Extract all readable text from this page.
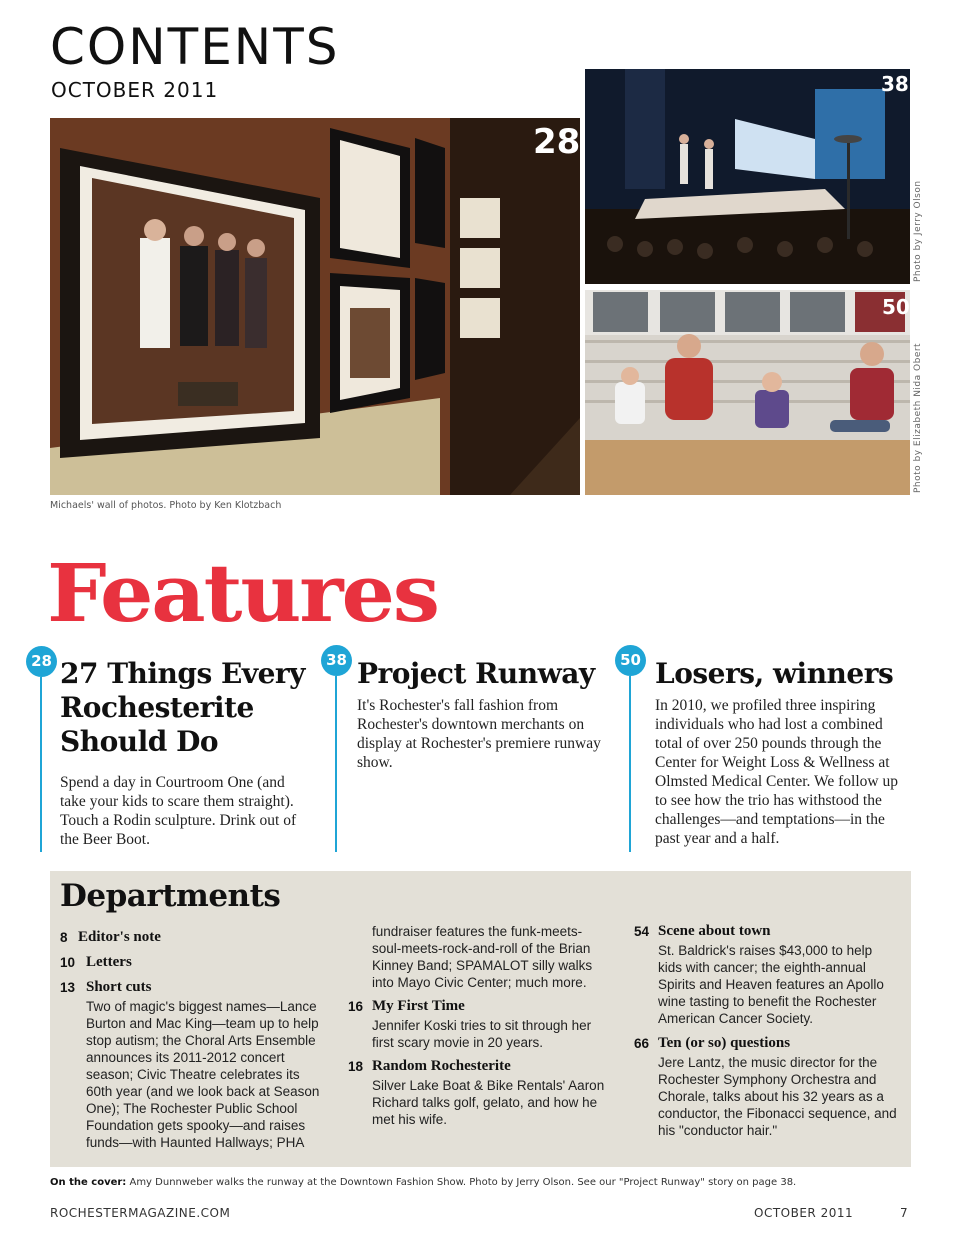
CONTENTS
OCTOBER 2011
28
Michaels' wall of photos. Photo by Ken Klotzbach
38
Photo by Jerry Olson
50
Photo by Elizabeth Nida Obert
Features
28 27 Things Every
Rochesterite
Should Do
Spend a day in Courtroom One (and
take your kids to scare them straight).
Touch a Rodin sculpture. Drink out of
the Beer Boot.
38 Project Runway
It's Rochester's fall fashion from
Rochester's downtown merchants on
display at Rochester's premiere runway
show.
50 Losers, winners
In 2010, we profiled three inspiring
individuals who had lost a combined
total of over 250 pounds through the
Center for Weight Loss & Wellness at
Olmsted Medical Center. We follow up
to see how the trio has withstood the
challenges—and temptations—in the
past year and a half.
Departments
8 Editor's note
10 Letters
13 Short cuts
Two of magic's biggest names—Lance
Burton and Mac King—team up to help
stop autism; the Choral Arts Ensemble
announces its 2011-2012 concert
season; Civic Theatre celebrates its
60th year (and we look back at Season
One); The Rochester Public School
Foundation gets spooky—and raises
funds—with Haunted Hallways; PHA
fundraiser features the funk-meets-
soul-meets-rock-and-roll of the Brian
Kinney Band; SPAMALOT silly walks
into Mayo Civic Center; much more.
16 My First Time
Jennifer Koski tries to sit through her
first scary movie in 20 years.
18 Random Rochesterite
Silver Lake Boat & Bike Rentals' Aaron
Richard talks golf, gelato, and how he
met his wife.
54 Scene about town
St. Baldrick's raises $43,000 to help
kids with cancer; the eighth-annual
Spirits and Heaven features an Apollo
wine tasting to benefit the Rochester
American Cancer Society.
66 Ten (or so) questions
Jere Lantz, the music director for the
Rochester Symphony Orchestra and
Chorale, talks about his 32 years as a
conductor, the Fibonacci sequence, and
his "conductor hair."
On the cover: Amy Dunnweber walks the runway at the Downtown Fashion Show. Photo by Jerry Olson. See our "Project Runway" story on page 38.
ROCHESTERMAGAZINE.COM	OCTOBER 2011	7
